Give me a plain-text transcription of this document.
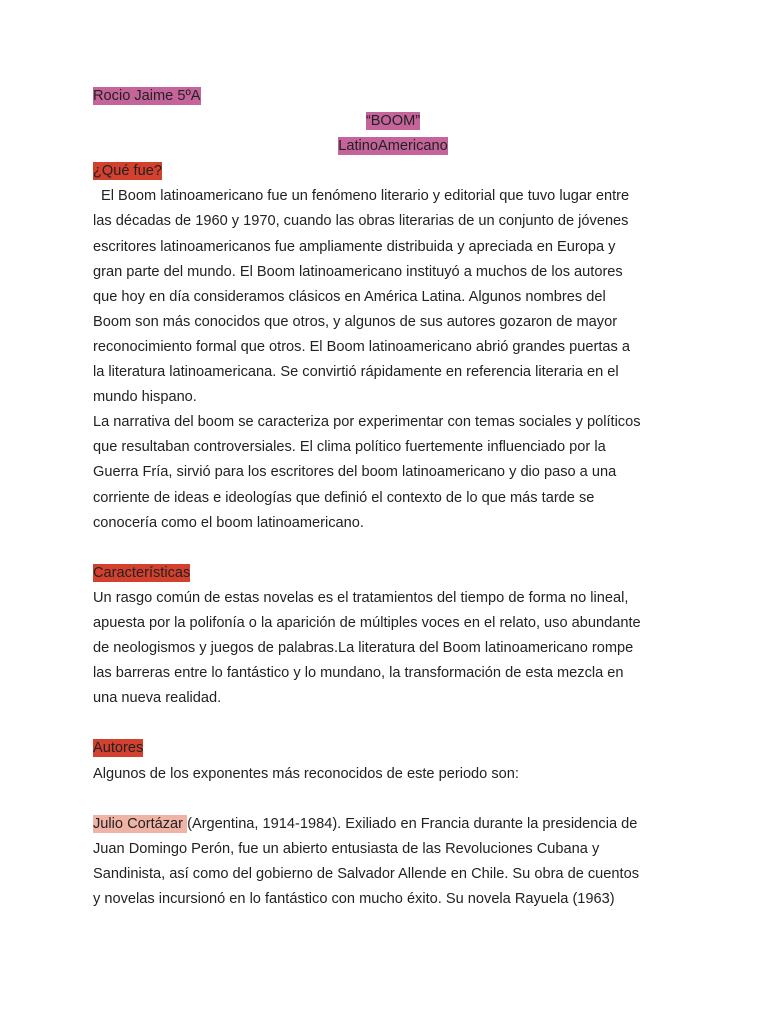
Rocio Jaime 5ºA
“BOOM”
LatinoAmericano
¿Qué fue?
El Boom latinoamericano fue un fenómeno literario y editorial que tuvo lugar entre
las décadas de 1960 y 1970, cuando las obras literarias de un conjunto de jóvenes
escritores latinoamericanos fue ampliamente distribuida y apreciada en Europa y
gran parte del mundo. El Boom latinoamericano instituyó a muchos de los autores
que hoy en día consideramos clásicos en América Latina. Algunos nombres del
Boom son más conocidos que otros, y algunos de sus autores gozaron de mayor
reconocimiento formal que otros. El Boom latinoamericano abrió grandes puertas a
la literatura latinoamericana. Se convirtió rápidamente en referencia literaria en el
mundo hispano.
La narrativa del boom se caracteriza por experimentar con temas sociales y políticos
que resultaban controversiales. El clima político fuertemente influenciado por la
Guerra Fría, sirvió para los escritores del boom latinoamericano y dio paso a una
corriente de ideas e ideologías que definió el contexto de lo que más tarde se
conocería como el boom latinoamericano.
Características
Un rasgo común de estas novelas es el tratamientos del tiempo de forma no lineal,
apuesta por la polifonía o la aparición de múltiples voces en el relato, uso abundante
de neologismos y juegos de palabras.La literatura del Boom latinoamericano rompe
las barreras entre lo fantástico y lo mundano, la transformación de esta mezcla en
una nueva realidad.
Autores
Algunos de los exponentes más reconocidos de este periodo son:
Julio Cortázar (Argentina, 1914-1984). Exiliado en Francia durante la presidencia de
Juan Domingo Perón, fue un abierto entusiasta de las Revoluciones Cubana y
Sandinista, así como del gobierno de Salvador Allende en Chile. Su obra de cuentos
y novelas incursionó en lo fantástico con mucho éxito. Su novela Rayuela (1963)
